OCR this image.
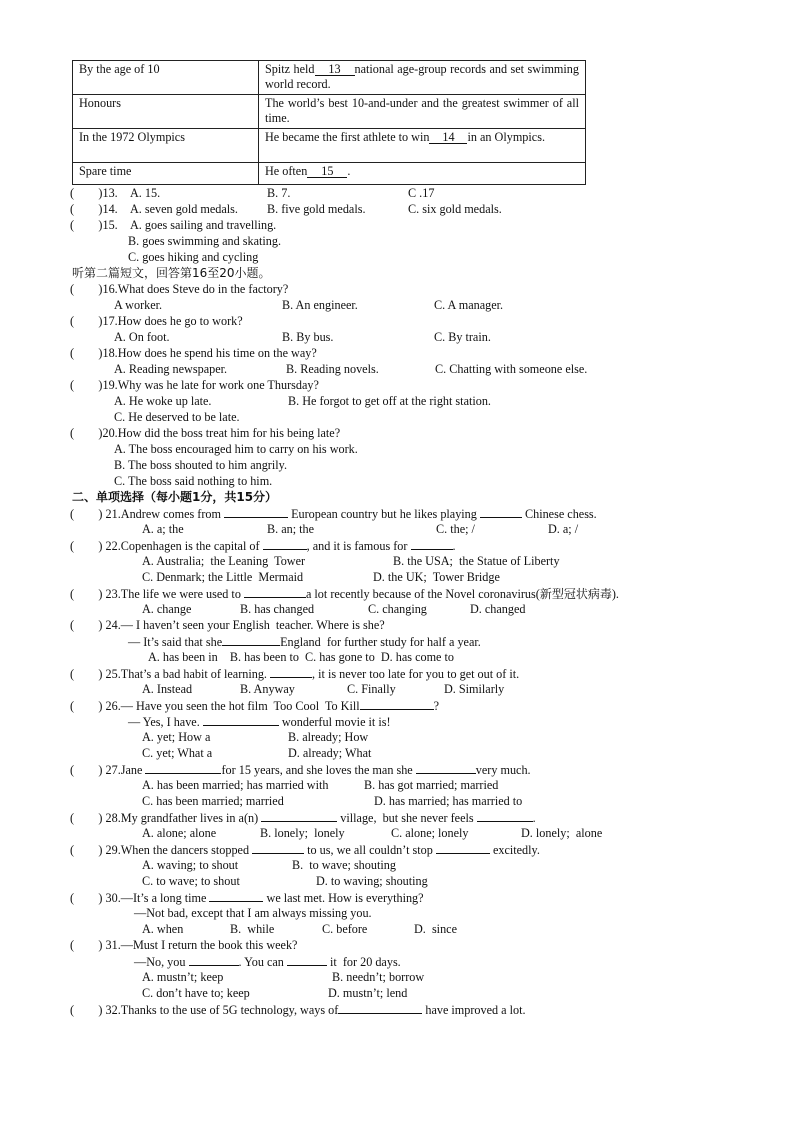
By the age of 10	Spitz held 13 national age-group records and set swimming world record.
Honours	The world’s best 10-and-under and the greatest swimmer of all time.
In the 1972 Olympics	He became the first athlete to win 14 in an Olympics.
Spare time	He often 15 .
(        )13. A. 15.	B. 7.	C .17
(        )14. A. seven gold medals. B. five gold medals.	C. six gold medals.
(        )15. A. goes sailing and travelling.
B. goes swimming and skating.
C. goes hiking and cycling
听第二篇短文，回答第16至20小题。
(        )16.What does Steve do in the factory?
A worker.	B. An engineer.	C. A manager.
(        )17.How does he go to work?
A. On foot.	B. By bus.	C. By train.
(        )18.How does he spend his time on the way?
A. Reading newspaper.	B. Reading novels.	C. Chatting with someone else.
(        )19.Why was he late for work one Thursday?
A. He woke up late.	B. He forgot to get off at the right station.
C. He deserved to be late.
(        )20.How did the boss treat him for his being late?
A. The boss encouraged him to carry on his work.
B. The boss shouted to him angrily.
C. The boss said nothing to him.
二、单项选择（每小题1分，共15分）
(        ) 21.Andrew comes from	European country but he likes playing	Chinese chess.
A. a; the	B. an; the	C. the; /	D. a; /
(        ) 22.Copenhagen is the capital of	, and it is famous for	.
A. Australia;  the Leaning  Tower	B. the USA;  the Statue of Liberty
C. Denmark; the Little  Mermaid	D. the UK;  Tower Bridge
(        ) 23.The life we were used to	a lot recently because of the Novel coronavirus(新型冠状病毒).
A. change	B. has changed	C. changing	D. changed
(        ) 24.— I haven’t seen your English  teacher. Where is she?
— It’s said that she	England  for further study for half a year.
A. has been in    B. has been to  C. has gone to  D. has come to
(        ) 25.That’s a bad habit of learning.	, it is never too late for you to get out of it.
A. Instead	B. Anyway	C. Finally	D. Similarly
(        ) 26.— Have you seen the hot film  Too Cool  To Kill	?
— Yes, I have.	wonderful movie it is!
A. yet; How a	B. already; How
C. yet; What a	D. already; What
(        ) 27.Jane	for 15 years, and she loves the man she	very much.
A. has been married; has married with	B. has got married; married
C. has been married; married	D. has married; has married to
(        ) 28.My grandfather lives in a(n)	village,  but she never feels	.
A. alone; alone	B. lonely;  lonely	C. alone; lonely	D. lonely;  alone
(        ) 29.When the dancers stopped	to us, we all couldn’t stop	excitedly.
A. waving; to shout	B.  to wave; shouting
C. to wave; to shout	D. to waving; shouting
(        ) 30.—It’s a long time	we last met. How is everything?
—Not bad, except that I am always missing you.
A. when	B.  while	C. before	D.  since
(        ) 31.—Must I return the book this week?
—No, you	. You can	it  for 20 days.
A. mustn’t; keep	B. needn’t; borrow
C. don’t have to; keep	D. mustn’t; lend
(        ) 32.Thanks to the use of 5G technology, ways of	have improved a lot.
